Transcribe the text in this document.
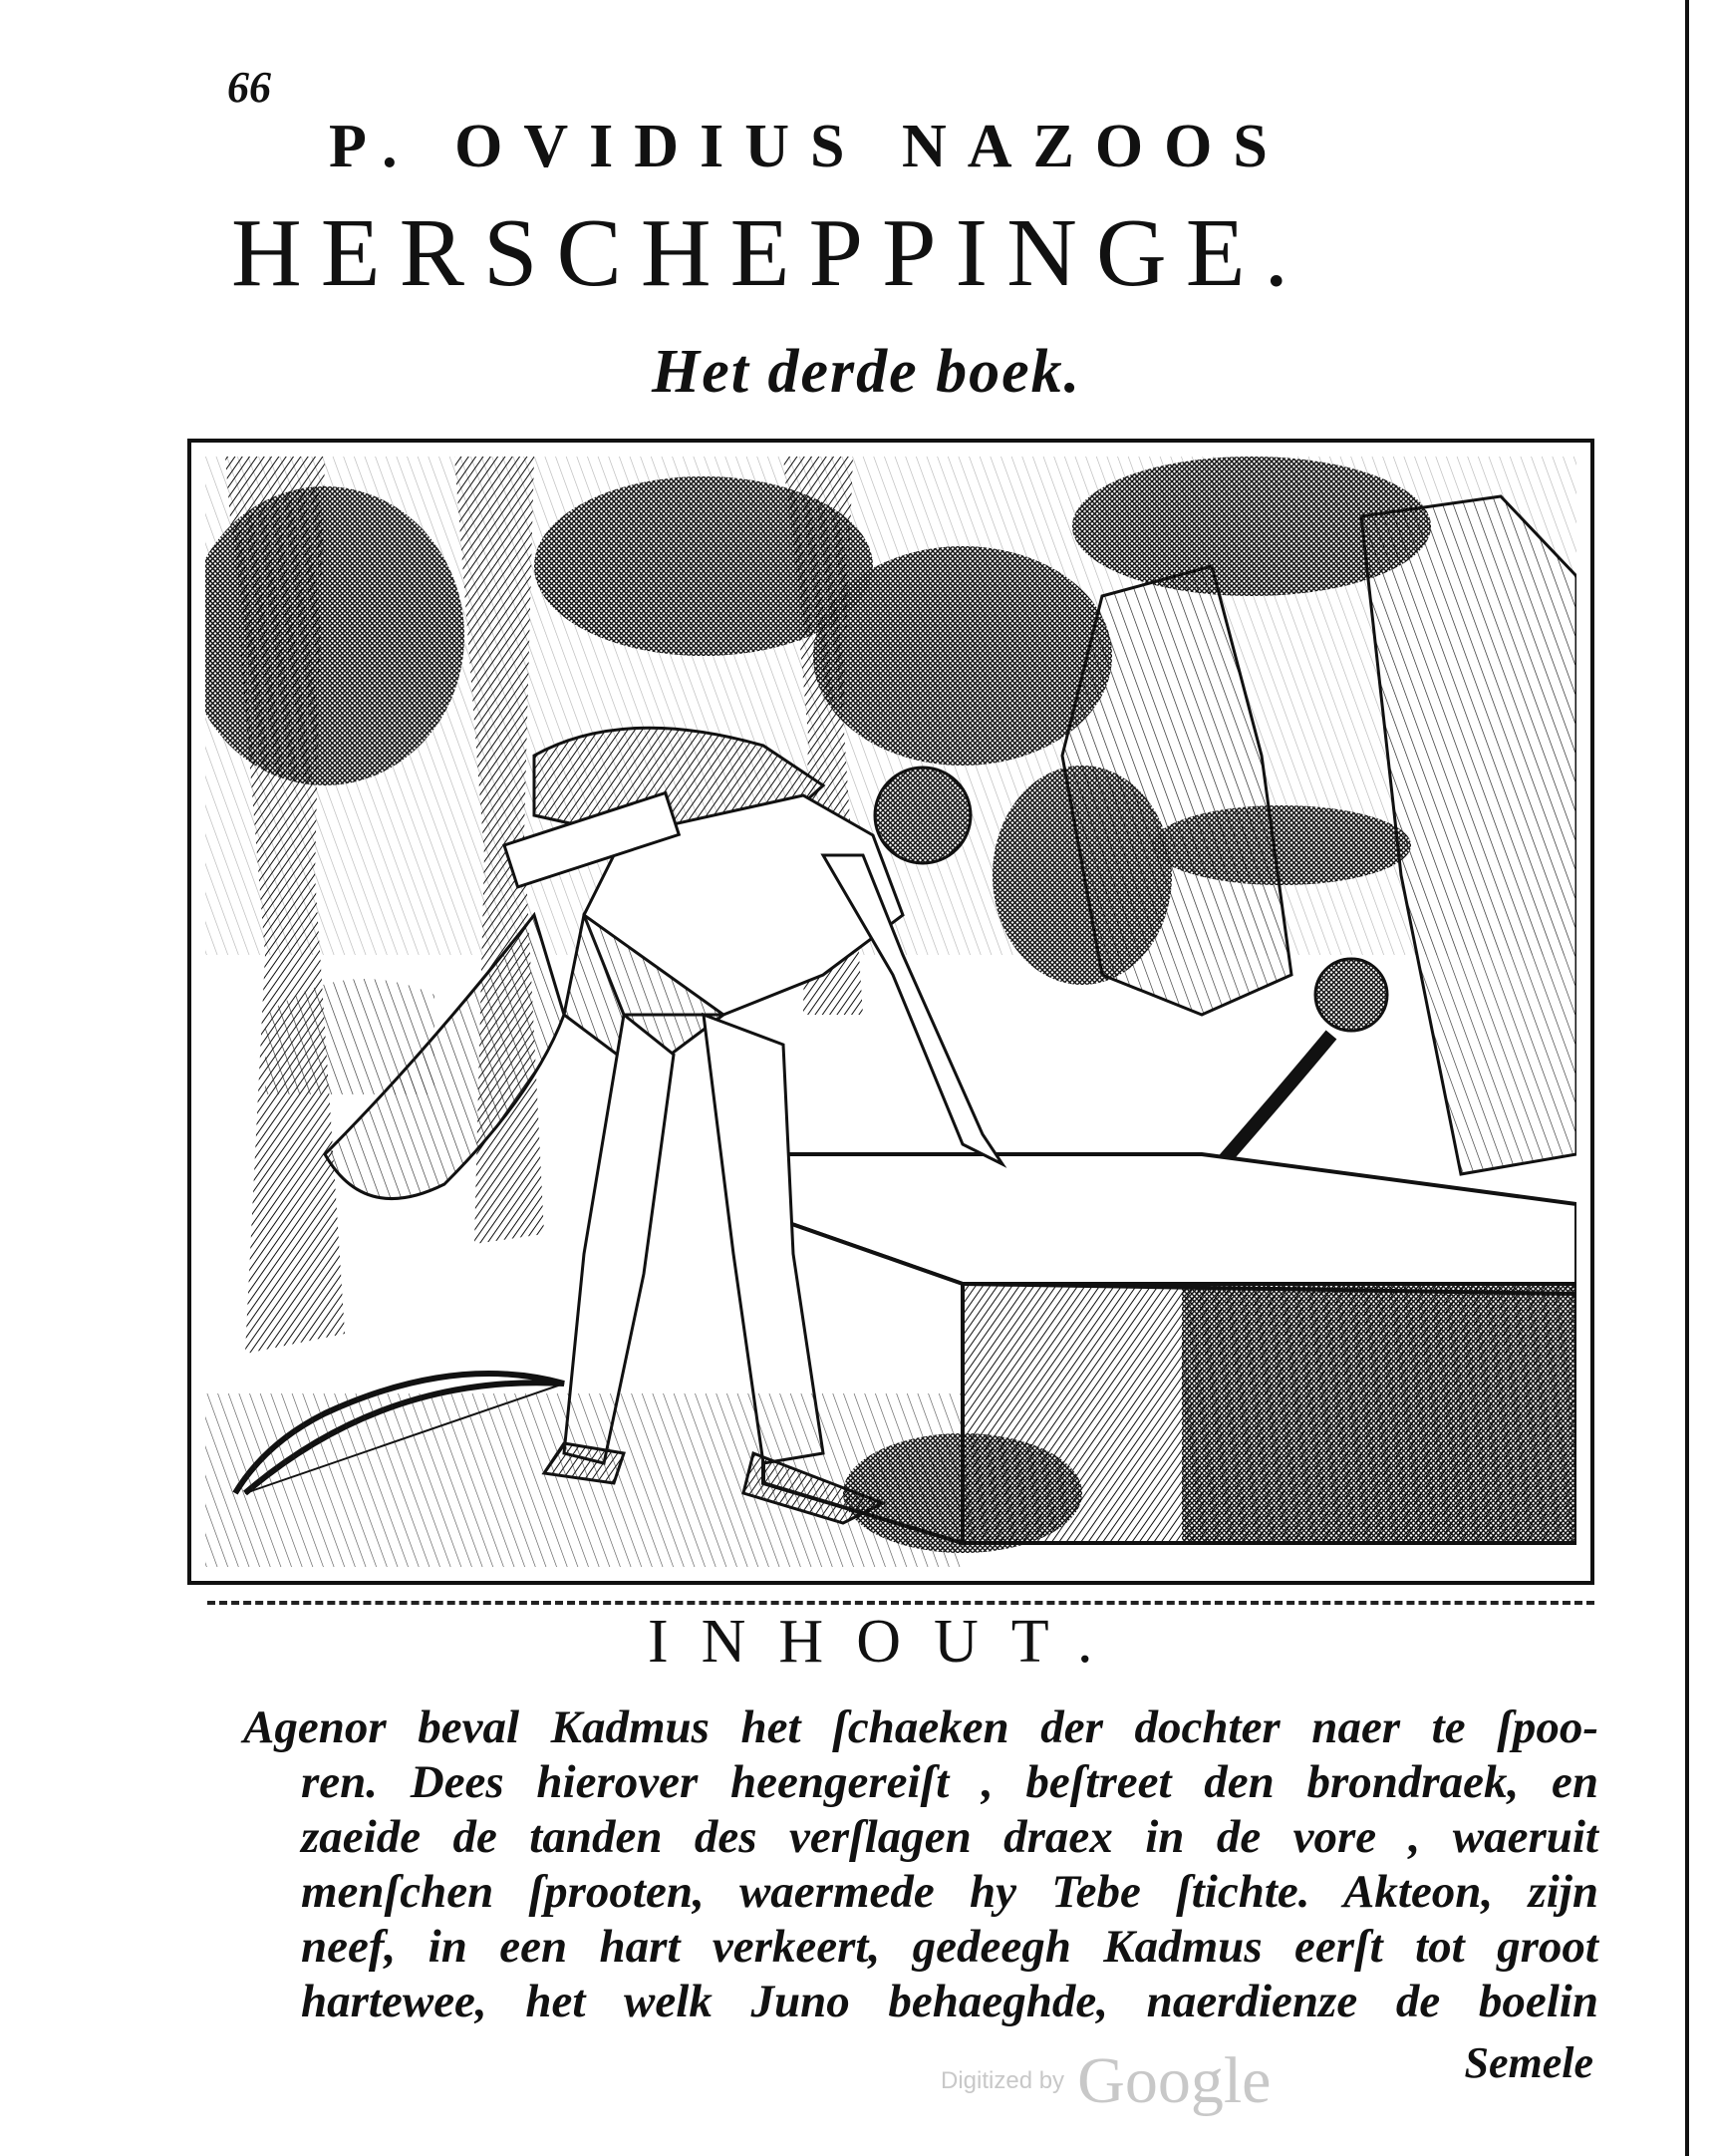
66
P. OVIDIUS NAZOOS
HERSCHEPPINGE.
Het derde boek.
INHOUT.
Agenor beval Kadmus het ſchaeken der dochter naer te ſpoo-
ren. Dees hierover heengereiſt , beſtreet den brondraek, en
zaeide de tanden des verſlagen draex in de vore , waeruit
menſchen ſprooten, waermede hy Tebe ſtichte. Akteon, zijn
neef, in een hart verkeert, gedeegh Kadmus eerſt tot groot
hartewee, het welk Juno behaeghde, naerdienze de boelin
Digitized by Google	Semele
